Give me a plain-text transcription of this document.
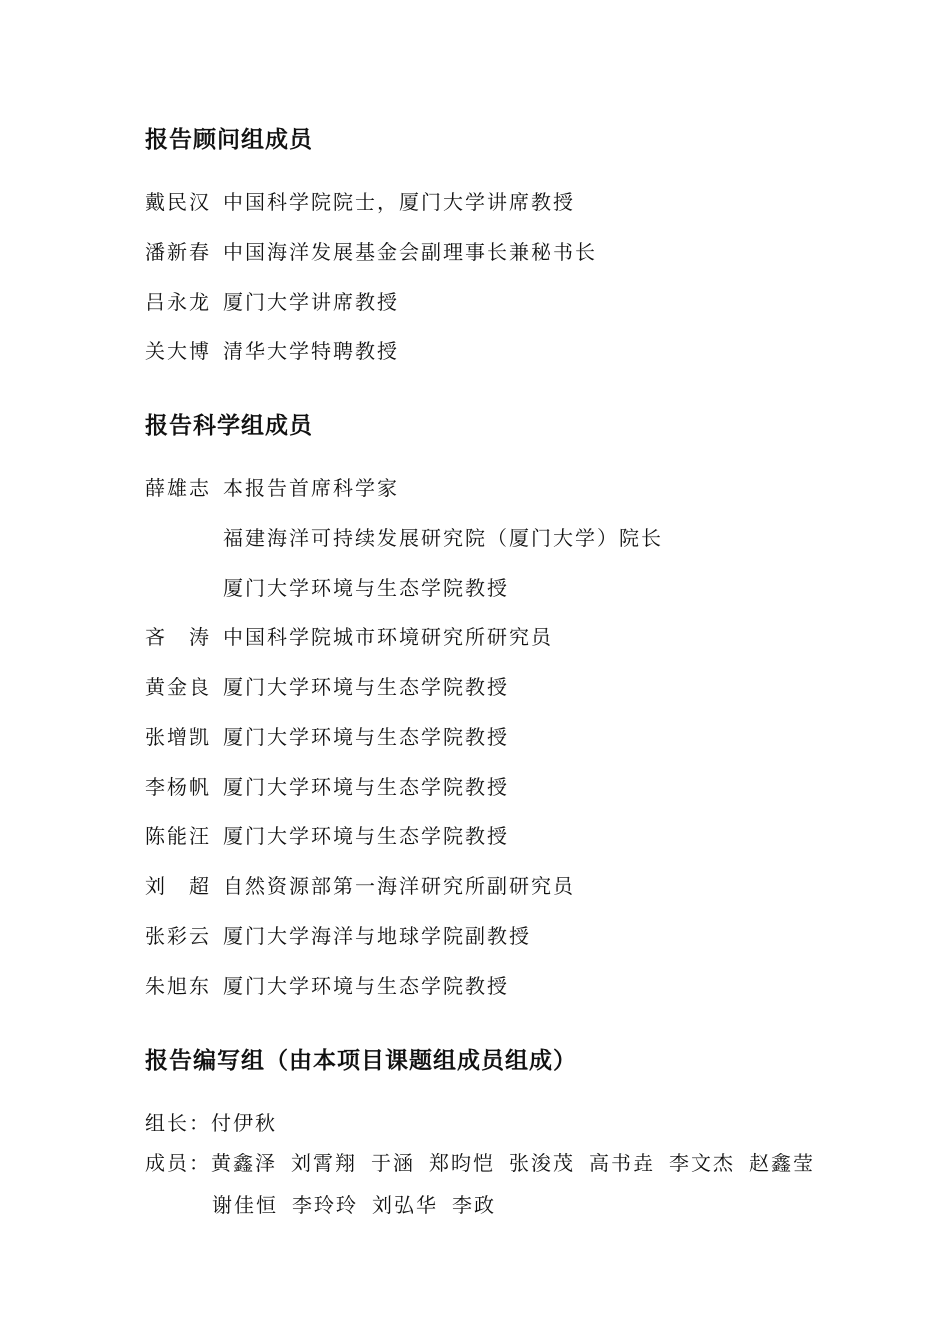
报告顾问组成员
戴民汉 中国科学院院士，厦门大学讲席教授
潘新春 中国海洋发展基金会副理事长兼秘书长
吕永龙 厦门大学讲席教授
关大博 清华大学特聘教授
报告科学组成员
薛雄志 本报告首席科学家
福建海洋可持续发展研究院（厦门大学）院长
厦门大学环境与生态学院教授
吝　涛 中国科学院城市环境研究所研究员
黄金良 厦门大学环境与生态学院教授
张增凯 厦门大学环境与生态学院教授
李杨帆 厦门大学环境与生态学院教授
陈能汪 厦门大学环境与生态学院教授
刘　超 自然资源部第一海洋研究所副研究员
张彩云 厦门大学海洋与地球学院副教授
朱旭东 厦门大学环境与生态学院教授
报告编写组（由本项目课题组成员组成）
组长：付伊秋
成员：黄鑫泽 刘霄翔 于涵 郑昀恺 张浚茂 高书垚 李文杰 赵鑫莹
谢佳恒 李玲玲 刘弘华 李政
